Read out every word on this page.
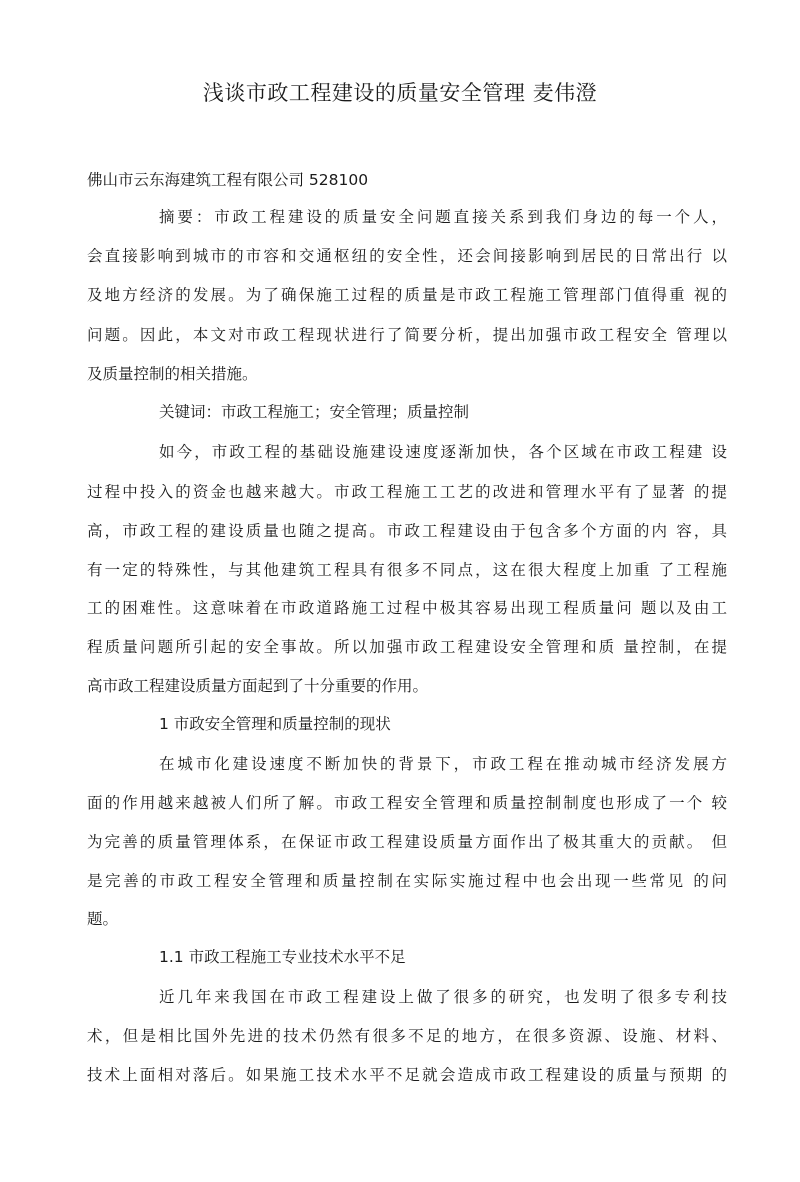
浅谈市政工程建设的质量安全管理 麦伟澄
佛山市云东海建筑工程有限公司 528100
摘要：市政工程建设的质量安全问题直接关系到我们身边的每一个人，
会直接影响到城市的市容和交通枢纽的安全性，还会间接影响到居民的日常出行 以
及地方经济的发展。为了确保施工过程的质量是市政工程施工管理部门值得重 视的
问题。因此，本文对市政工程现状进行了简要分析，提出加强市政工程安全 管理以
及质量控制的相关措施。
关键词：市政工程施工；安全管理；质量控制
如今，市政工程的基础设施建设速度逐渐加快，各个区域在市政工程建 设
过程中投入的资金也越来越大。市政工程施工工艺的改进和管理水平有了显著 的提
高，市政工程的建设质量也随之提高。市政工程建设由于包含多个方面的内 容，具
有一定的特殊性，与其他建筑工程具有很多不同点，这在很大程度上加重 了工程施
工的困难性。这意味着在市政道路施工过程中极其容易出现工程质量问 题以及由工
程质量问题所引起的安全事故。所以加强市政工程建设安全管理和质 量控制，在提
高市政工程建设质量方面起到了十分重要的作用。
1 市政安全管理和质量控制的现状
在城市化建设速度不断加快的背景下，市政工程在推动城市经济发展方
面的作用越来越被人们所了解。市政工程安全管理和质量控制制度也形成了一个 较
为完善的质量管理体系，在保证市政工程建设质量方面作出了极其重大的贡献。 但
是完善的市政工程安全管理和质量控制在实际实施过程中也会出现一些常见 的问
题。
1.1 市政工程施工专业技术水平不足
近几年来我国在市政工程建设上做了很多的研究，也发明了很多专利技
术，但是相比国外先进的技术仍然有很多不足的地方，在很多资源、设施、材料、
技术上面相对落后。如果施工技术水平不足就会造成市政工程建设的质量与预期 的
